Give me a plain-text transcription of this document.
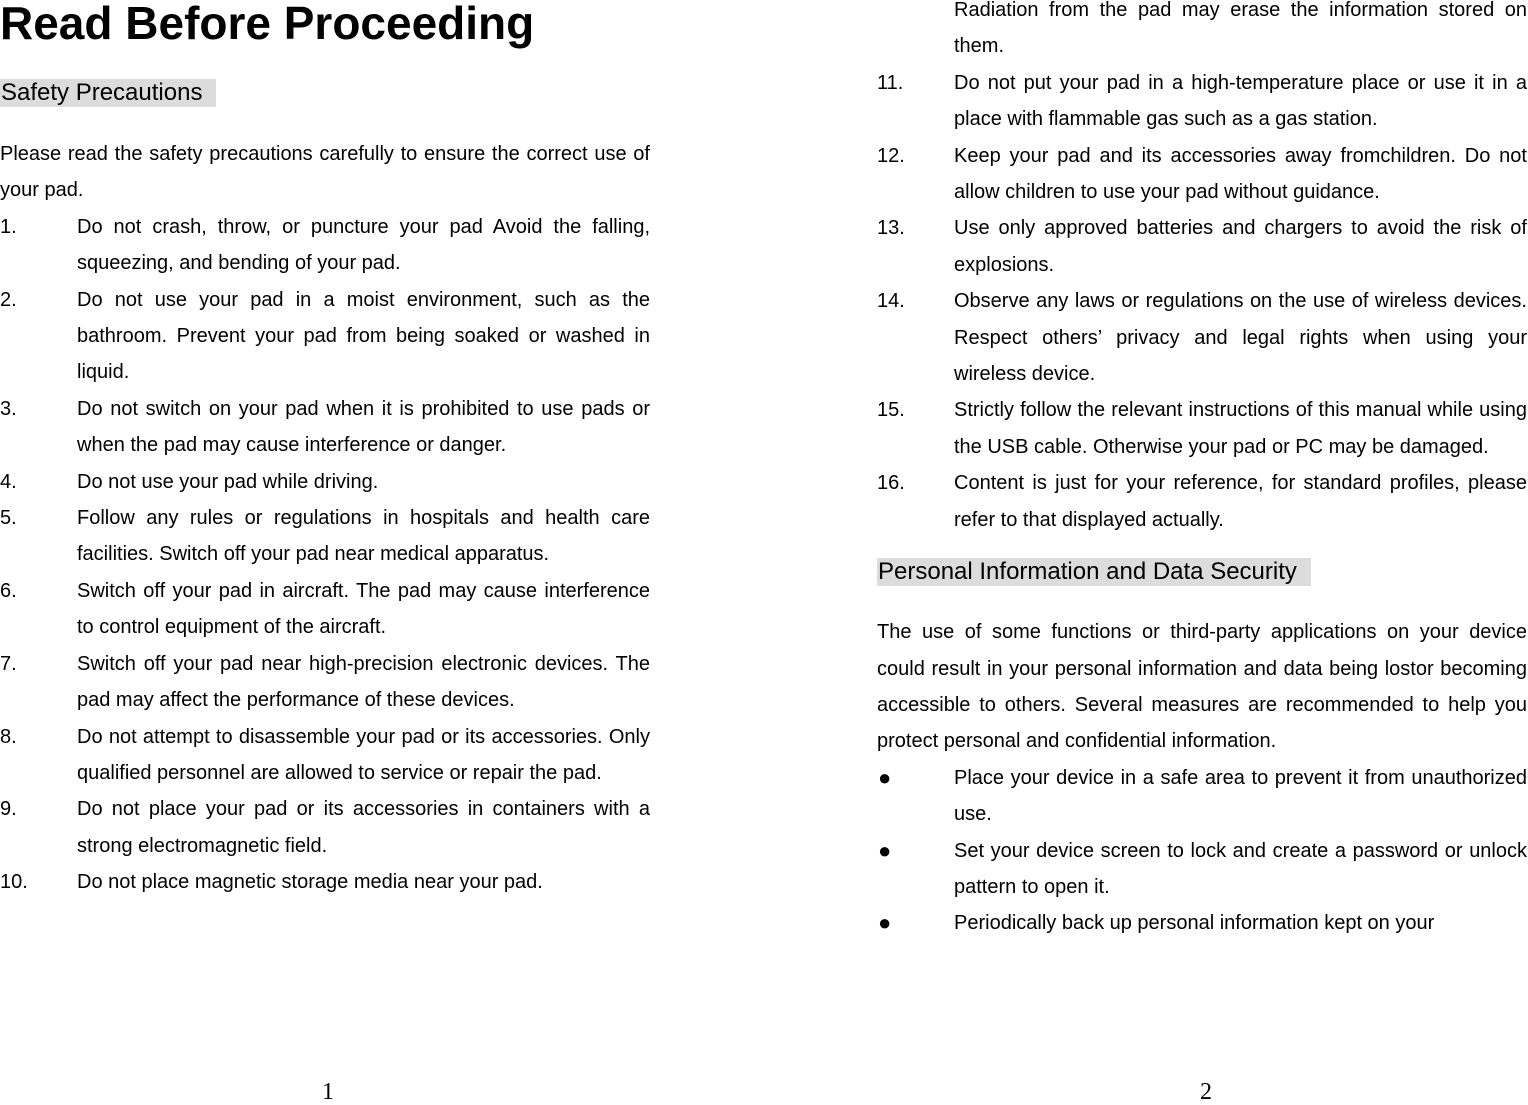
Read Before Proceeding
Safety Precautions

Please read the safety precautions carefully to ensure the correct use of your pad.

1.	Do not crash, throw, or puncture your pad Avoid the falling, squeezing, and bending of your pad.
2.	Do not use your pad in a moist environment, such as the bathroom. Prevent your pad from being soaked or washed in liquid.
3.	Do not switch on your pad when it is prohibited to use pads or when the pad may cause interference or danger.
4.	Do not use your pad while driving.
5.	Follow any rules or regulations in hospitals and health care facilities. Switch off your pad near medical apparatus.
6.	Switch off your pad in aircraft. The pad may cause interference to control equipment of the aircraft.
7.	Switch off your pad near high-precision electronic devices. The pad may affect the performance of these devices.
8.	Do not attempt to disassemble your pad or its accessories. Only qualified personnel are allowed to service or repair the pad.
9.	Do not place your pad or its accessories in containers with a strong electromagnetic field.
10. Do not place magnetic storage media near your pad.
1
Radiation from the pad may erase the information stored on them.
11.	Do not put your pad in a high-temperature place or use it in a place with flammable gas such as a gas station.
12. Keep your pad and its accessories away fromchildren. Do not allow children to use your pad without guidance.
13. Use only approved batteries and chargers to avoid the risk of explosions.
14. Observe any laws or regulations on the use of wireless devices. Respect others’ privacy and legal rights when using your wireless device.
15. Strictly follow the relevant instructions of this manual while using the USB cable. Otherwise your pad or PC may be damaged.
16. Content is just for your reference, for standard profiles, please refer to that displayed actually.
Personal Information and Data Security

The use of some functions or third-party applications on your device could result in your personal information and data being lostor becoming accessible to others. Several measures are recommended to help you protect personal and confidential information.

●	Place your device in a safe area to prevent it from unauthorized use.
●	Set your device screen to lock and create a password or unlock pattern to open it.
●	Periodically back up personal information kept on your
2
